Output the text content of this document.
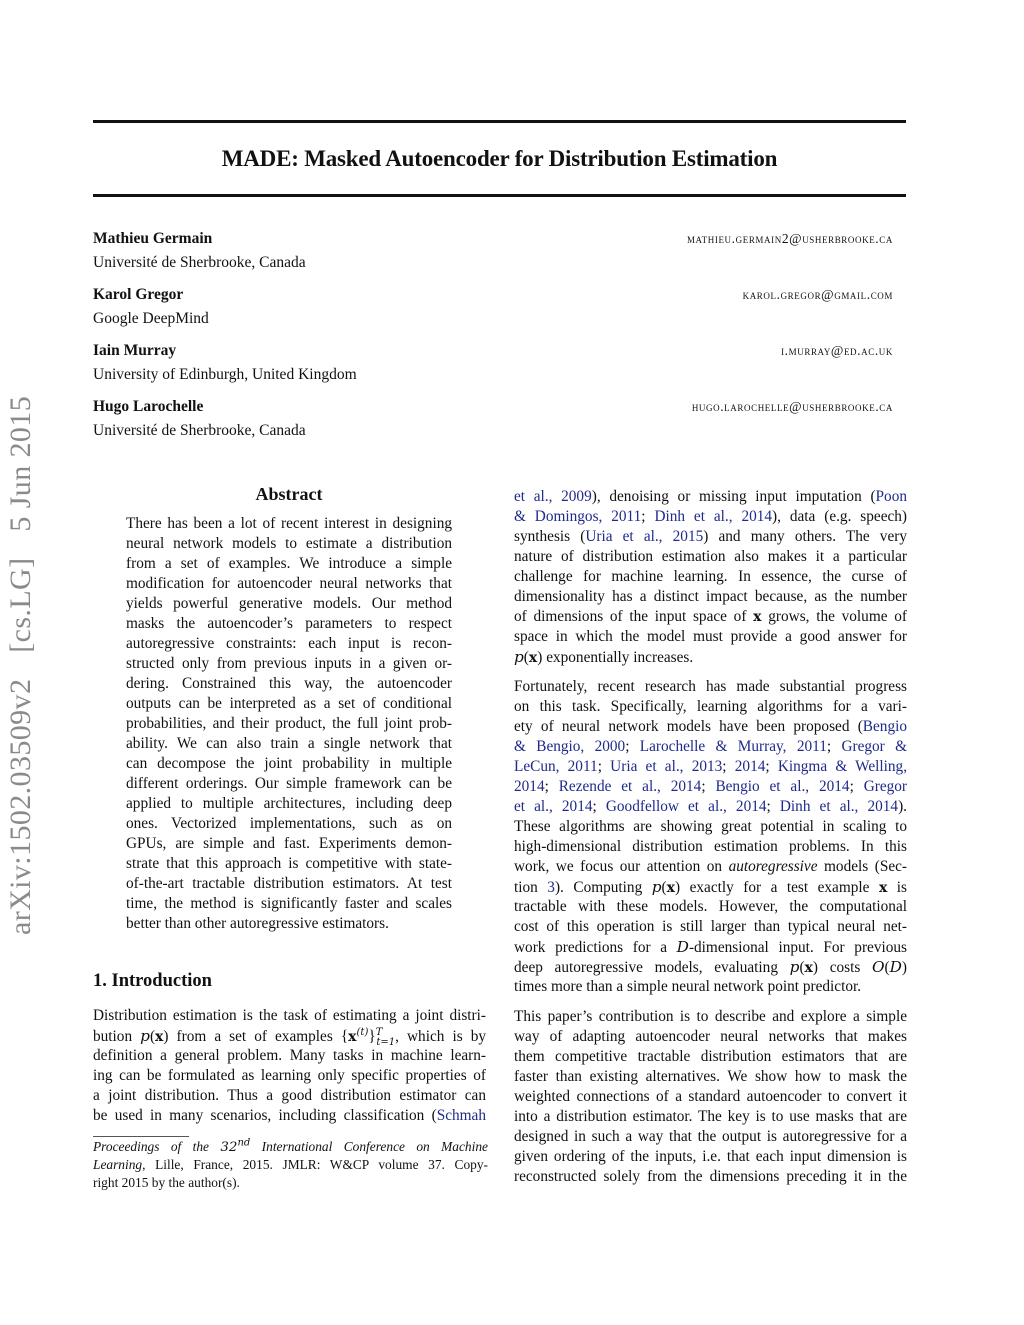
arXiv:1502.03509v2 [cs.LG] 5 Jun 2015
MADE: Masked Autoencoder for Distribution Estimation
Mathieu Germain
Université de Sherbrooke, Canada
mathieu.germain2@usherbrooke.ca
Karol Gregor
Google DeepMind
karol.gregor@gmail.com
Iain Murray
University of Edinburgh, United Kingdom
i.murray@ed.ac.uk
Hugo Larochelle
Université de Sherbrooke, Canada
hugo.larochelle@usherbrooke.ca
Abstract
There has been a lot of recent interest in designing
neural network models to estimate a distribution
from a set of examples. We introduce a simple
modification for autoencoder neural networks that
yields powerful generative models. Our method
masks the autoencoder’s parameters to respect
autoregressive constraints: each input is recon-
structed only from previous inputs in a given or-
dering. Constrained this way, the autoencoder
outputs can be interpreted as a set of conditional
probabilities, and their product, the full joint prob-
ability. We can also train a single network that
can decompose the joint probability in multiple
different orderings. Our simple framework can be
applied to multiple architectures, including deep
ones. Vectorized implementations, such as on
GPUs, are simple and fast. Experiments demon-
strate that this approach is competitive with state-
of-the-art tractable distribution estimators. At test
time, the method is significantly faster and scales
better than other autoregressive estimators.
1. Introduction
Distribution estimation is the task of estimating a joint distri-
bution p(x) from a set of examples $\{x^{(t)}\}^T_{t=1}$, which is by
definition a general problem. Many tasks in machine learn-
ing can be formulated as learning only specific properties of
a joint distribution. Thus a good distribution estimator can
be used in many scenarios, including classification (Schmah
Proceedings of the 32nd International Conference on Machine
Learning, Lille, France, 2015. JMLR: W&CP volume 37. Copy-
right 2015 by the author(s).
et al., 2009), denoising or missing input imputation (Poon
& Domingos, 2011; Dinh et al., 2014), data (e.g. speech)
synthesis (Uria et al., 2015) and many others. The very
nature of distribution estimation also makes it a particular
challenge for machine learning. In essence, the curse of
dimensionality has a distinct impact because, as the number
of dimensions of the input space of x grows, the volume of
space in which the model must provide a good answer for
p(x) exponentially increases.
Fortunately, recent research has made substantial progress
on this task. Specifically, learning algorithms for a vari-
ety of neural network models have been proposed (Bengio
& Bengio, 2000; Larochelle & Murray, 2011; Gregor &
LeCun, 2011; Uria et al., 2013; 2014; Kingma & Welling,
2014; Rezende et al., 2014; Bengio et al., 2014; Gregor
et al., 2014; Goodfellow et al., 2014; Dinh et al., 2014).
These algorithms are showing great potential in scaling to
high-dimensional distribution estimation problems. In this
work, we focus our attention on autoregressive models (Sec-
tion 3). Computing p(x) exactly for a test example x is
tractable with these models. However, the computational
cost of this operation is still larger than typical neural net-
work predictions for a D-dimensional input. For previous
deep autoregressive models, evaluating p(x) costs O(D)
times more than a simple neural network point predictor.
This paper’s contribution is to describe and explore a simple
way of adapting autoencoder neural networks that makes
them competitive tractable distribution estimators that are
faster than existing alternatives. We show how to mask the
weighted connections of a standard autoencoder to convert it
into a distribution estimator. The key is to use masks that are
designed in such a way that the output is autoregressive for a
given ordering of the inputs, i.e. that each input dimension is
reconstructed solely from the dimensions preceding it in the
